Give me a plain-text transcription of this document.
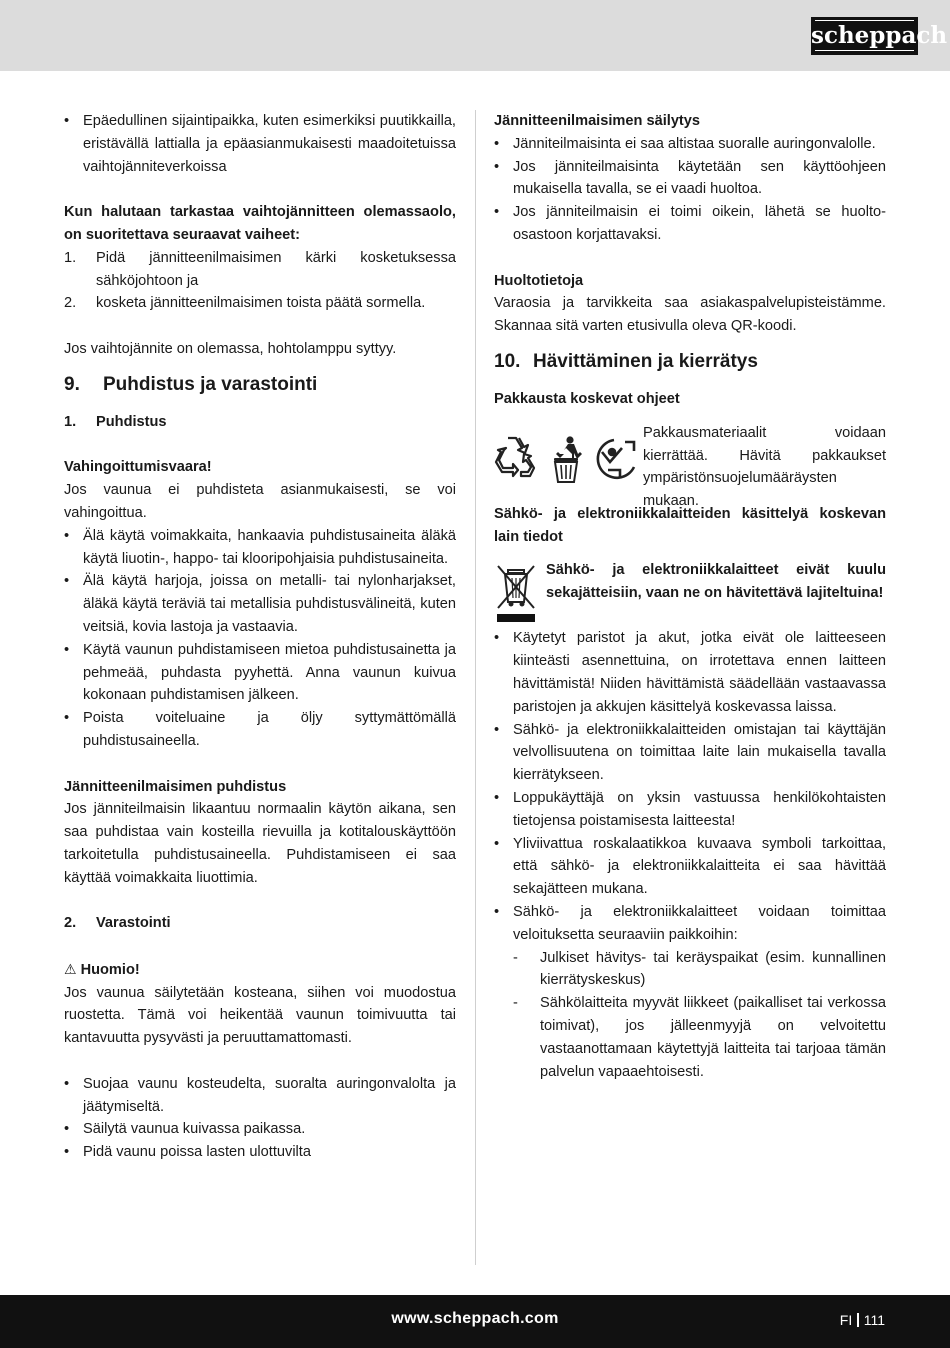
scheppach
• Epäedullinen sijaintipaikka, kuten esimerkiksi puutikkailla, eristävällä lattialla ja epäasianmukaisesti maadoitetuissa vaihtojänniteverkoissa

Kun halutaan tarkastaa vaihtojännitteen olemassaolo, on suoritettava seuraavat vaiheet:

1. Pidä jännitteenilmaisimen kärki kosketuksessa sähköjohtoon ja
2. kosketa jännitteenilmaisimen toista päätä sormella.

Jos vaihtojännite on olemassa, hohtolamppu syttyy.

9. Puhdistus ja varastointi
1. Puhdistus

Vahingoittumisvaara!

Jos vaunua ei puhdisteta asianmukaisesti, se voi vahingoittua.

• Älä käytä voimakkaita, hankaavia puhdistusaineita äläkä käytä liuotin-, happo- tai klooripohjaisia puhdistusaineita.
• Älä käytä harjoja, joissa on metalli- tai nylonharjakset, äläkä käytä teräviä tai metallisia puhdistusvälineitä, kuten veitsiä, kovia lastoja ja vastaavia.
• Käytä vaunun puhdistamiseen mietoa puhdistusainetta ja pehmeää, puhdasta pyyhettä. Anna vaunun kuivua kokonaan puhdistamisen jälkeen.
• Poista voiteluaine ja öljy syttymättömällä puhdistusaineella.

Jännitteenilmaisimen puhdistus

Jos jänniteilmaisin likaantuu normaalin käytön aikana, sen saa puhdistaa vain kosteilla rievuilla ja kotitalouskäyttöön tarkoitetulla puhdistusaineella. Puhdistamiseen ei saa käyttää voimakkaita liuottimia.

2. Varastointi

⚠ Huomio!

Jos vaunua säilytetään kosteana, siihen voi muodostua ruostetta. Tämä voi heikentää vaunun toimivuutta tai kantavuutta pysyvästi ja peruuttamattomasti.

• Suojaa vaunu kosteudelta, suoralta auringonvalolta ja jäätymiseltä.
• Säilytä vaunua kuivassa paikassa.
• Pidä vaunu poissa lasten ulottuvilta

Jännitteenilmaisimen säilytys

• Jänniteilmaisinta ei saa altistaa suoralle auringonvalolle.
• Jos jänniteilmaisinta käytetään sen käyttöohjeen mukaisella tavalla, se ei vaadi huoltoa.
• Jos jänniteilmaisin ei toimi oikein, lähetä se huolto-osastoon korjattavaksi.

Huoltotietoja

Varaosia ja tarvikkeita saa asiakaspalvelupisteistämme. Skannaa sitä varten etusivulla oleva QR-koodi.

10. Hävittäminen ja kierrätys

Pakkausta koskevat ohjeet

Pakkausmateriaalit voidaan kierrättää. Hävitä pakkaukset ympäristönsuojelumääräysten mukaan.

Sähkö- ja elektroniikkalaitteiden käsittelyä koskevan lain tiedot

Sähkö- ja elektroniikkalaitteet eivät kuulu sekajätteisiin, vaan ne on hävitettävä lajiteltuina!

• Käytetyt paristot ja akut, jotka eivät ole laitteeseen kiinteästi asennettuina, on irrotettava ennen laitteen hävittämistä! Niiden hävittämistä säädellään vastaavassa paristojen ja akkujen käsittelyä koskevassa laissa.
• Sähkö- ja elektroniikkalaitteiden omistajan tai käyttäjän velvollisuutena on toimittaa laite lain mukaisella tavalla kierrätykseen.
• Loppukäyttäjä on yksin vastuussa henkilökohtaisten tietojensa poistamisesta laitteesta!
• Yliviivattua roskalaatikkoa kuvaava symboli tarkoittaa, että sähkö- ja elektroniikkalaitteita ei saa hävittää sekajätteen mukana.
• Sähkö- ja elektroniikkalaitteet voidaan toimittaa veloituksetta seuraaviin paikkoihin:
- Julkiset hävitys- tai keräyspaikat (esim. kunnallinen kierrätyskeskus)
- Sähkölaitteita myyvät liikkeet (paikalliset tai verkossa toimivat), jos jälleenmyyjä on velvoitettu vastaanottamaan käytettyjä laitteita tai tarjoaa tämän palvelun vapaaehtoisesti.
www.scheppach.com	FI 111
